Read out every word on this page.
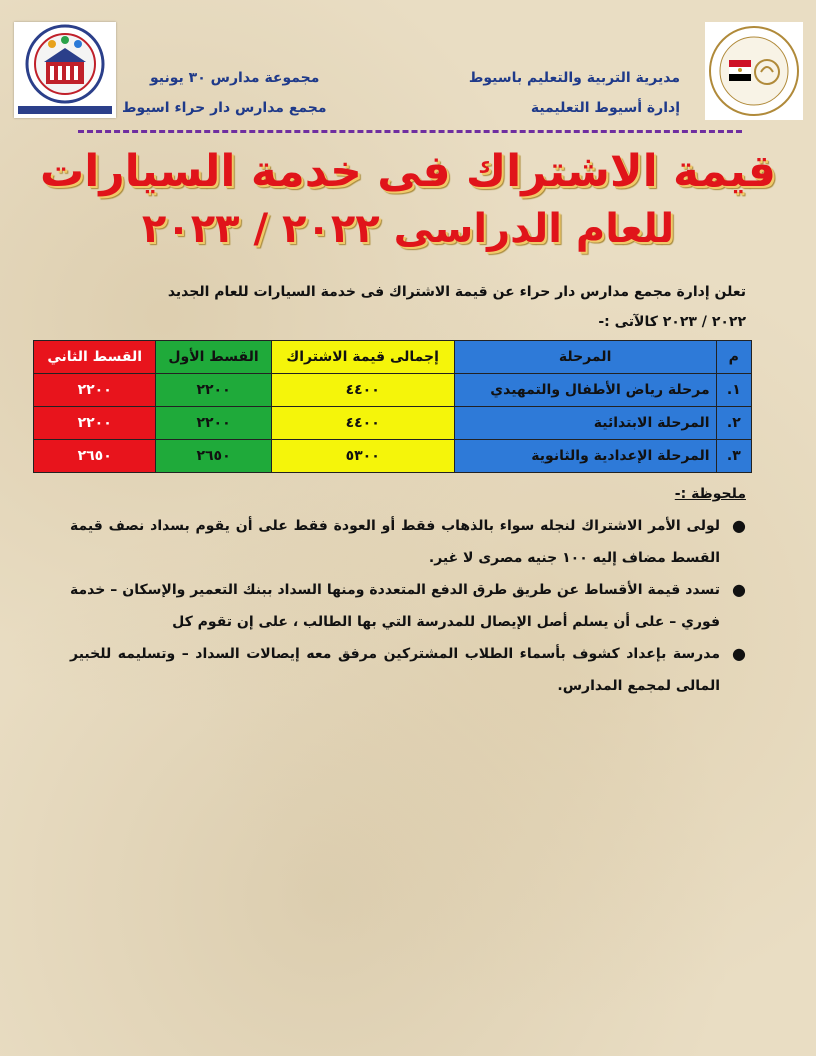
مديرية التربية والتعليم باسيوط
إدارة أسيوط التعليمية
مجموعة مدارس ٣٠ يونيو
مجمع مدارس دار حراء اسيوط
قيمة الاشتراك فى خدمة السيارات
للعام الدراسى ٢٠٢٢ / ٢٠٢٣
تعلن إدارة مجمع مدارس دار حراء عن قيمة الاشتراك فى خدمة السيارات للعام الجديد
٢٠٢٢ / ٢٠٢٣ كالآتى :-
م	المرحلة	إجمالى قيمة الاشتراك	القسط الأول	القسط الثاني
١.	مرحلة رياض الأطفال والتمهيدي	٤٤٠٠	٢٢٠٠	٢٢٠٠
٢.	المرحلة الابتدائية	٤٤٠٠	٢٢٠٠	٢٢٠٠
٣.	المرحلة الإعدادية والثانوية	٥٣٠٠	٢٦٥٠	٢٦٥٠
ملحوظة :-
●
لولى الأمر الاشتراك لنجله سواء بالذهاب فقط أو العودة فقط على أن يقوم بسداد نصف قيمة القسط مضاف إليه ١٠٠ جنيه مصرى لا غير.
●
تسدد قيمة الأقساط عن طريق طرق الدفع المتعددة ومنها السداد ببنك التعمير والإسكان – خدمة فوري – على أن يسلم أصل الإيصال للمدرسة التي بها الطالب ، على إن تقوم كل
●
مدرسة بإعداد كشوف بأسماء الطلاب المشتركين مرفق معه إيصالات السداد – وتسليمه للخبير المالى لمجمع المدارس.
